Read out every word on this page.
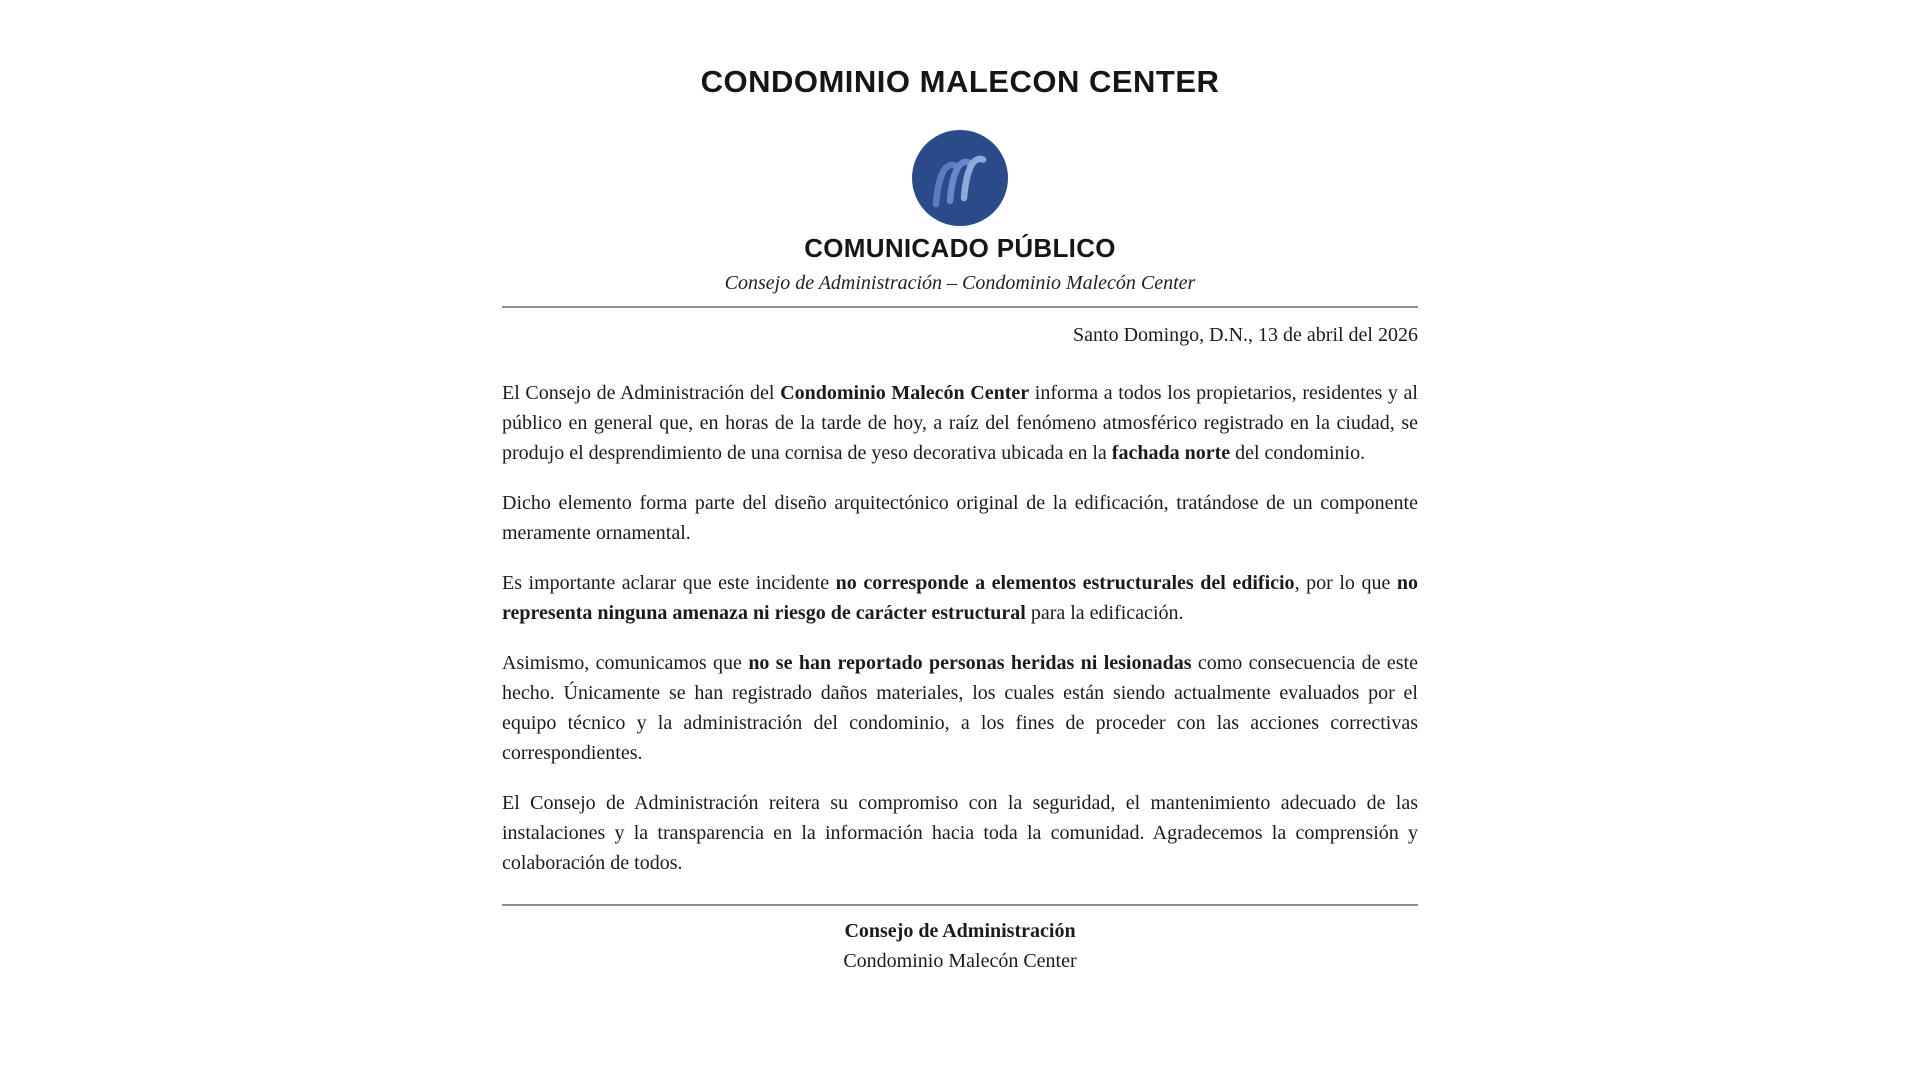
CONDOMINIO MALECON CENTER
COMUNICADO PÚBLICO
Consejo de Administración – Condominio Malecón Center
Santo Domingo, D.N., 13 de abril del 2026

El Consejo de Administración del Condominio Malecón Center informa a todos los propietarios, residentes y al público en general que, en horas de la tarde de hoy, a raíz del fenómeno atmosférico registrado en la ciudad, se produjo el desprendimiento de una cornisa de yeso decorativa ubicada en la fachada norte del condominio.

Dicho elemento forma parte del diseño arquitectónico original de la edificación, tratándose de un componente meramente ornamental.

Es importante aclarar que este incidente no corresponde a elementos estructurales del edificio, por lo que no representa ninguna amenaza ni riesgo de carácter estructural para la edificación.

Asimismo, comunicamos que no se han reportado personas heridas ni lesionadas como consecuencia de este hecho. Únicamente se han registrado daños materiales, los cuales están siendo actualmente evaluados por el equipo técnico y la administración del condominio, a los fines de proceder con las acciones correctivas correspondientes.

El Consejo de Administración reitera su compromiso con la seguridad, el mantenimiento adecuado de las instalaciones y la transparencia en la información hacia toda la comunidad. Agradecemos la comprensión y colaboración de todos.

Consejo de Administración
Condominio Malecón Center
